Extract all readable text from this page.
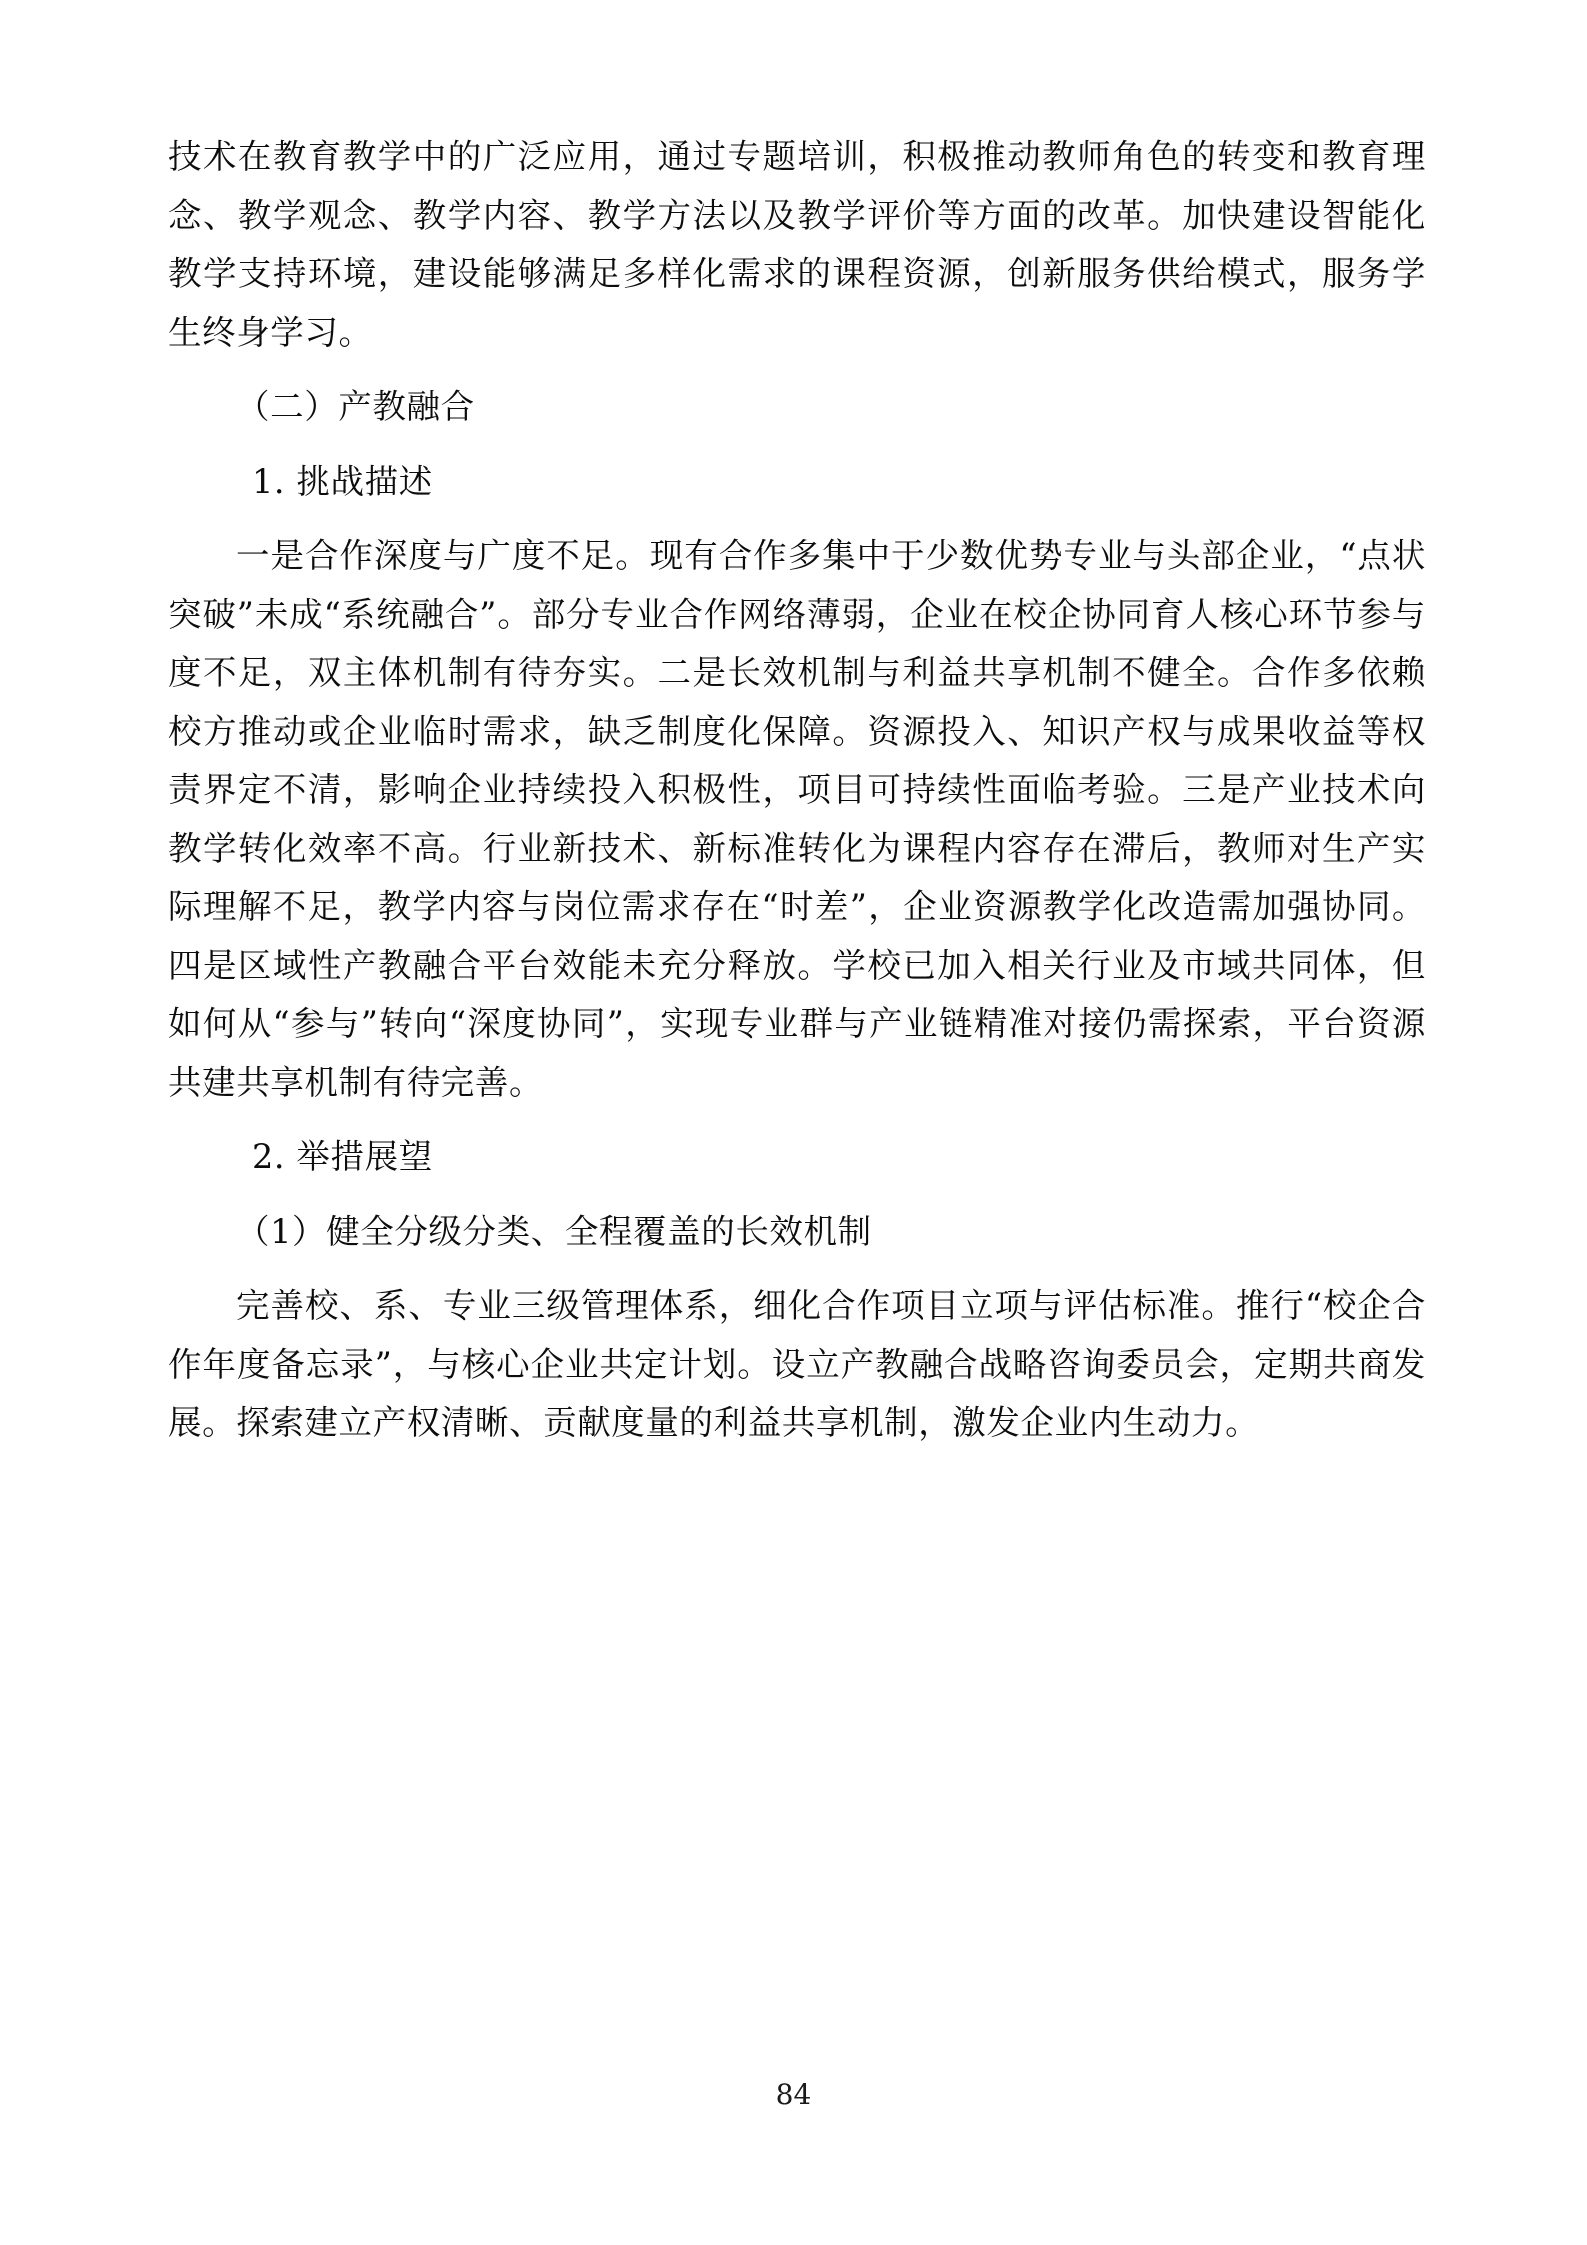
技术在教育教学中的广泛应用，通过专题培训，积极推动教师角色的转变和教育理念、教学观念、教学内容、教学方法以及教学评价等方面的改革。加快建设智能化教学支持环境，建设能够满足多样化需求的课程资源，创新服务供给模式，服务学生终身学习。

（二）产教融合
1. 挑战描述

一是合作深度与广度不足。现有合作多集中于少数优势专业与头部企业，“点状突破”未成“系统融合”。部分专业合作网络薄弱，企业在校企协同育人核心环节参与度不足，双主体机制有待夯实。二是长效机制与利益共享机制不健全。合作多依赖校方推动或企业临时需求，缺乏制度化保障。资源投入、知识产权与成果收益等权责界定不清，影响企业持续投入积极性，项目可持续性面临考验。三是产业技术向教学转化效率不高。行业新技术、新标准转化为课程内容存在滞后，教师对生产实际理解不足，教学内容与岗位需求存在“时差”，企业资源教学化改造需加强协同。四是区域性产教融合平台效能未充分释放。学校已加入相关行业及市域共同体，但如何从“参与”转向“深度协同”，实现专业群与产业链精准对接仍需探索，平台资源共建共享机制有待完善。

2. 举措展望
（1）健全分级分类、全程覆盖的长效机制

完善校、系、专业三级管理体系，细化合作项目立项与评估标准。推行“校企合作年度备忘录”，与核心企业共定计划。设立产教融合战略咨询委员会，定期共商发展。探索建立产权清晰、贡献度量的利益共享机制，激发企业内生动力。

84
